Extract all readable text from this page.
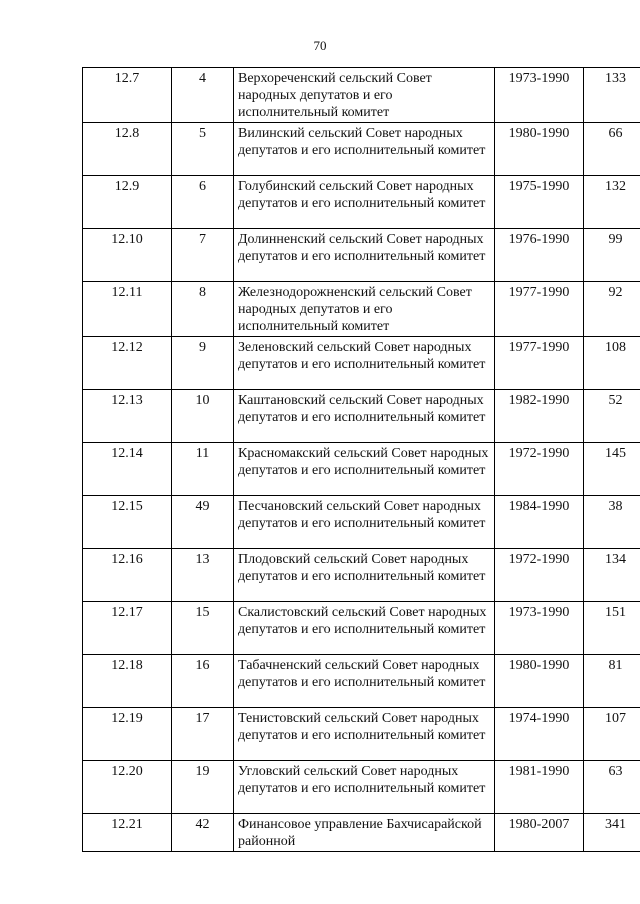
70
12.7	4	Верхореченский сельский Совет народных депутатов и его исполнительный комитет	1973-1990	133
12.8	5	Вилинский сельский Совет народных депутатов и его исполнительный комитет	1980-1990	66
12.9	6	Голубинский сельский Совет народных депутатов и его исполнительный комитет	1975-1990	132
12.10	7	Долинненский сельский Совет народных депутатов и его исполнительный комитет	1976-1990	99
12.11	8	Железнодорожненский сельский Совет народных депутатов и его исполнительный комитет	1977-1990	92
12.12	9	Зеленовский сельский Совет народных депутатов и его исполнительный комитет	1977-1990	108
12.13	10	Каштановский сельский Совет народных депутатов и его исполнительный комитет	1982-1990	52
12.14	11	Красномакский сельский Совет народных депутатов и его исполнительный комитет	1972-1990	145
12.15	49	Песчановский сельский Совет народных депутатов и его исполнительный комитет	1984-1990	38
12.16	13	Плодовский сельский Совет народных депутатов и его исполнительный комитет	1972-1990	134
12.17	15	Скалистовский сельский Совет народных депутатов и его исполнительный комитет	1973-1990	151
12.18	16	Табачненский сельский Совет народных депутатов и его исполнительный комитет	1980-1990	81
12.19	17	Тенистовский сельский Совет народных депутатов и его исполнительный комитет	1974-1990	107
12.20	19	Угловский сельский Совет народных депутатов и его исполнительный комитет	1981-1990	63
12.21	42	Финансовое управление Бахчисарайской районной	1980-2007	341
